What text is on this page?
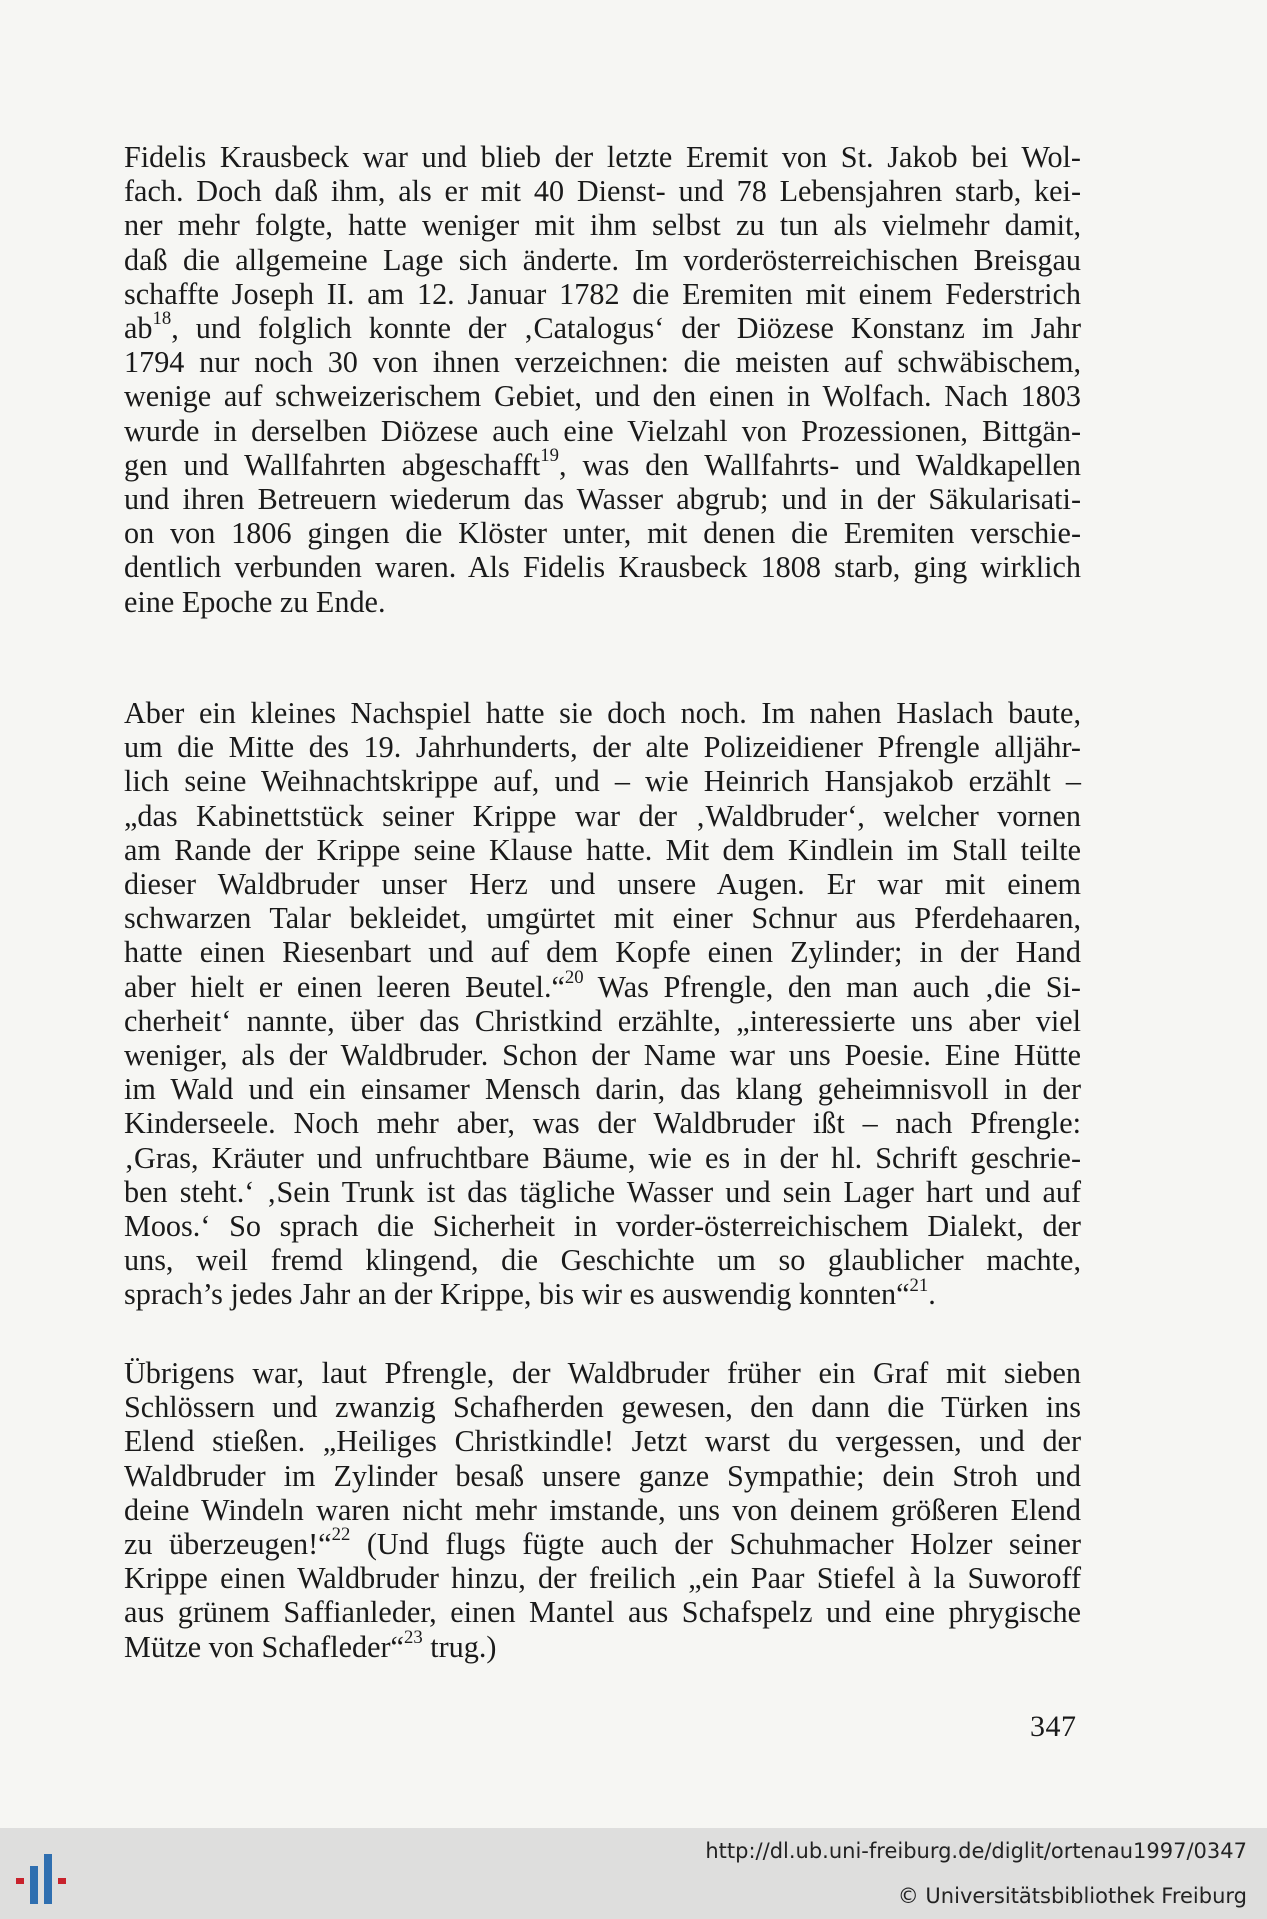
Fidelis Krausbeck war und blieb der letzte Eremit von St. Jakob bei Wol-
fach. Doch daß ihm, als er mit 40 Dienst- und 78 Lebensjahren starb, kei-
ner mehr folgte, hatte weniger mit ihm selbst zu tun als vielmehr damit,
daß die allgemeine Lage sich änderte. Im vorderösterreichischen Breisgau
schaffte Joseph II. am 12. Januar 1782 die Eremiten mit einem Federstrich
$ab^{18}$, und folglich konnte der ‚Catalogus‘ der Diözese Konstanz im Jahr
1794 nur noch 30 von ihnen verzeichnen: die meisten auf schwäbischem,
wenige auf schweizerischem Gebiet, und den einen in Wolfach. Nach 1803
wurde in derselben Diözese auch eine Vielzahl von Prozessionen, Bittgän-
gen und Wallfahrten abgeschafft$^{19}$, was den Wallfahrts- und Waldkapellen
und ihren Betreuern wiederum das Wasser abgrub; und in der Säkularisati-
on von 1806 gingen die Klöster unter, mit denen die Eremiten verschie-
dentlich verbunden waren. Als Fidelis Krausbeck 1808 starb, ging wirklich
eine Epoche zu Ende.
Aber ein kleines Nachspiel hatte sie doch noch. Im nahen Haslach baute,
um die Mitte des 19. Jahrhunderts, der alte Polizeidiener Pfrengle alljähr-
lich seine Weihnachtskrippe auf, und – wie Heinrich Hansjakob erzählt –
„das Kabinettstück seiner Krippe war der ‚Waldbruder‘, welcher vornen
am Rande der Krippe seine Klause hatte. Mit dem Kindlein im Stall teilte
dieser Waldbruder unser Herz und unsere Augen. Er war mit einem
schwarzen Talar bekleidet, umgürtet mit einer Schnur aus Pferdehaaren,
hatte einen Riesenbart und auf dem Kopfe einen Zylinder; in der Hand
aber hielt er einen leeren Beutel.“$^{20}$ Was Pfrengle, den man auch ‚die Si-
cherheit‘ nannte, über das Christkind erzählte, „interessierte uns aber viel
weniger, als der Waldbruder. Schon der Name war uns Poesie. Eine Hütte
im Wald und ein einsamer Mensch darin, das klang geheimnisvoll in der
Kinderseele. Noch mehr aber, was der Waldbruder ißt – nach Pfrengle:
‚Gras, Kräuter und unfruchtbare Bäume, wie es in der hl. Schrift geschrie-
ben steht.‘ ‚Sein Trunk ist das tägliche Wasser und sein Lager hart und auf
Moos.‘ So sprach die Sicherheit in vorder-österreichischem Dialekt, der
uns, weil fremd klingend, die Geschichte um so glaublicher machte,
sprach’s jedes Jahr an der Krippe, bis wir es auswendig konnten“$^{21}$.
Übrigens war, laut Pfrengle, der Waldbruder früher ein Graf mit sieben
Schlössern und zwanzig Schafherden gewesen, den dann die Türken ins
Elend stießen. „Heiliges Christkindle! Jetzt warst du vergessen, und der
Waldbruder im Zylinder besaß unsere ganze Sympathie; dein Stroh und
deine Windeln waren nicht mehr imstande, uns von deinem größeren Elend
zu überzeugen!“$^{22}$ (Und flugs fügte auch der Schuhmacher Holzer seiner
Krippe einen Waldbruder hinzu, der freilich „ein Paar Stiefel à la Suworoff
aus grünem Saffianleder, einen Mantel aus Schafspelz und eine phrygische
Mütze von Schafleder“$^{23}$ trug.)
347
http://dl.ub.uni-freiburg.de/diglit/ortenau1997/0347
© Universitätsbibliothek Freiburg
